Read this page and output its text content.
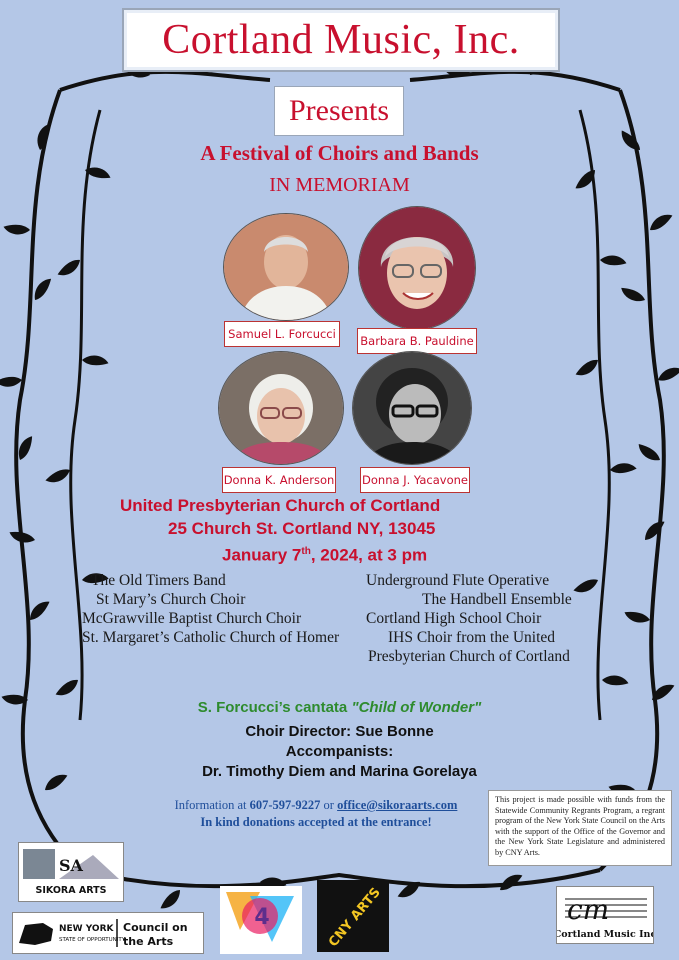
Cortland Music, Inc.
Presents
A Festival of Choirs and Bands
IN MEMORIAM
Samuel L. Forcucci	Barbara B. Pauldine
Donna K. Anderson Donna J. Yacavone
United Presbyterian Church of Cortland
25 Church St. Cortland NY, 13045
January 7th, 2024, at 3 pm
The Old Timers Band
St Mary’s Church Choir
McGrawville Baptist Church Choir
St. Margaret’s Catholic Church of Homer
Underground Flute Operative
The Handbell Ensemble
Cortland High School Choir
IHS Choir from the United
Presbyterian Church of Cortland
S. Forcucci’s cantata "Child of Wonder"
Choir Director: Sue Bonne
Accompanists:
Dr. Timothy Diem and Marina Gorelaya
Information at 607-597-9227 or office@sikoraarts.com
In kind donations accepted at the entrance!
This project is made possible with funds from the Statewide Community Regrants Program, a regrant program of the New York State Council on the Arts with the support of the Office of the Governor and the New York State Legislature and administered by CNY Arts.
SA
SIKORA ARTS
NEW YORK
STATE OF OPPORTUNITY.
Council on
the Arts
4	CNY ARTS	cm
Cortland Music Inc
